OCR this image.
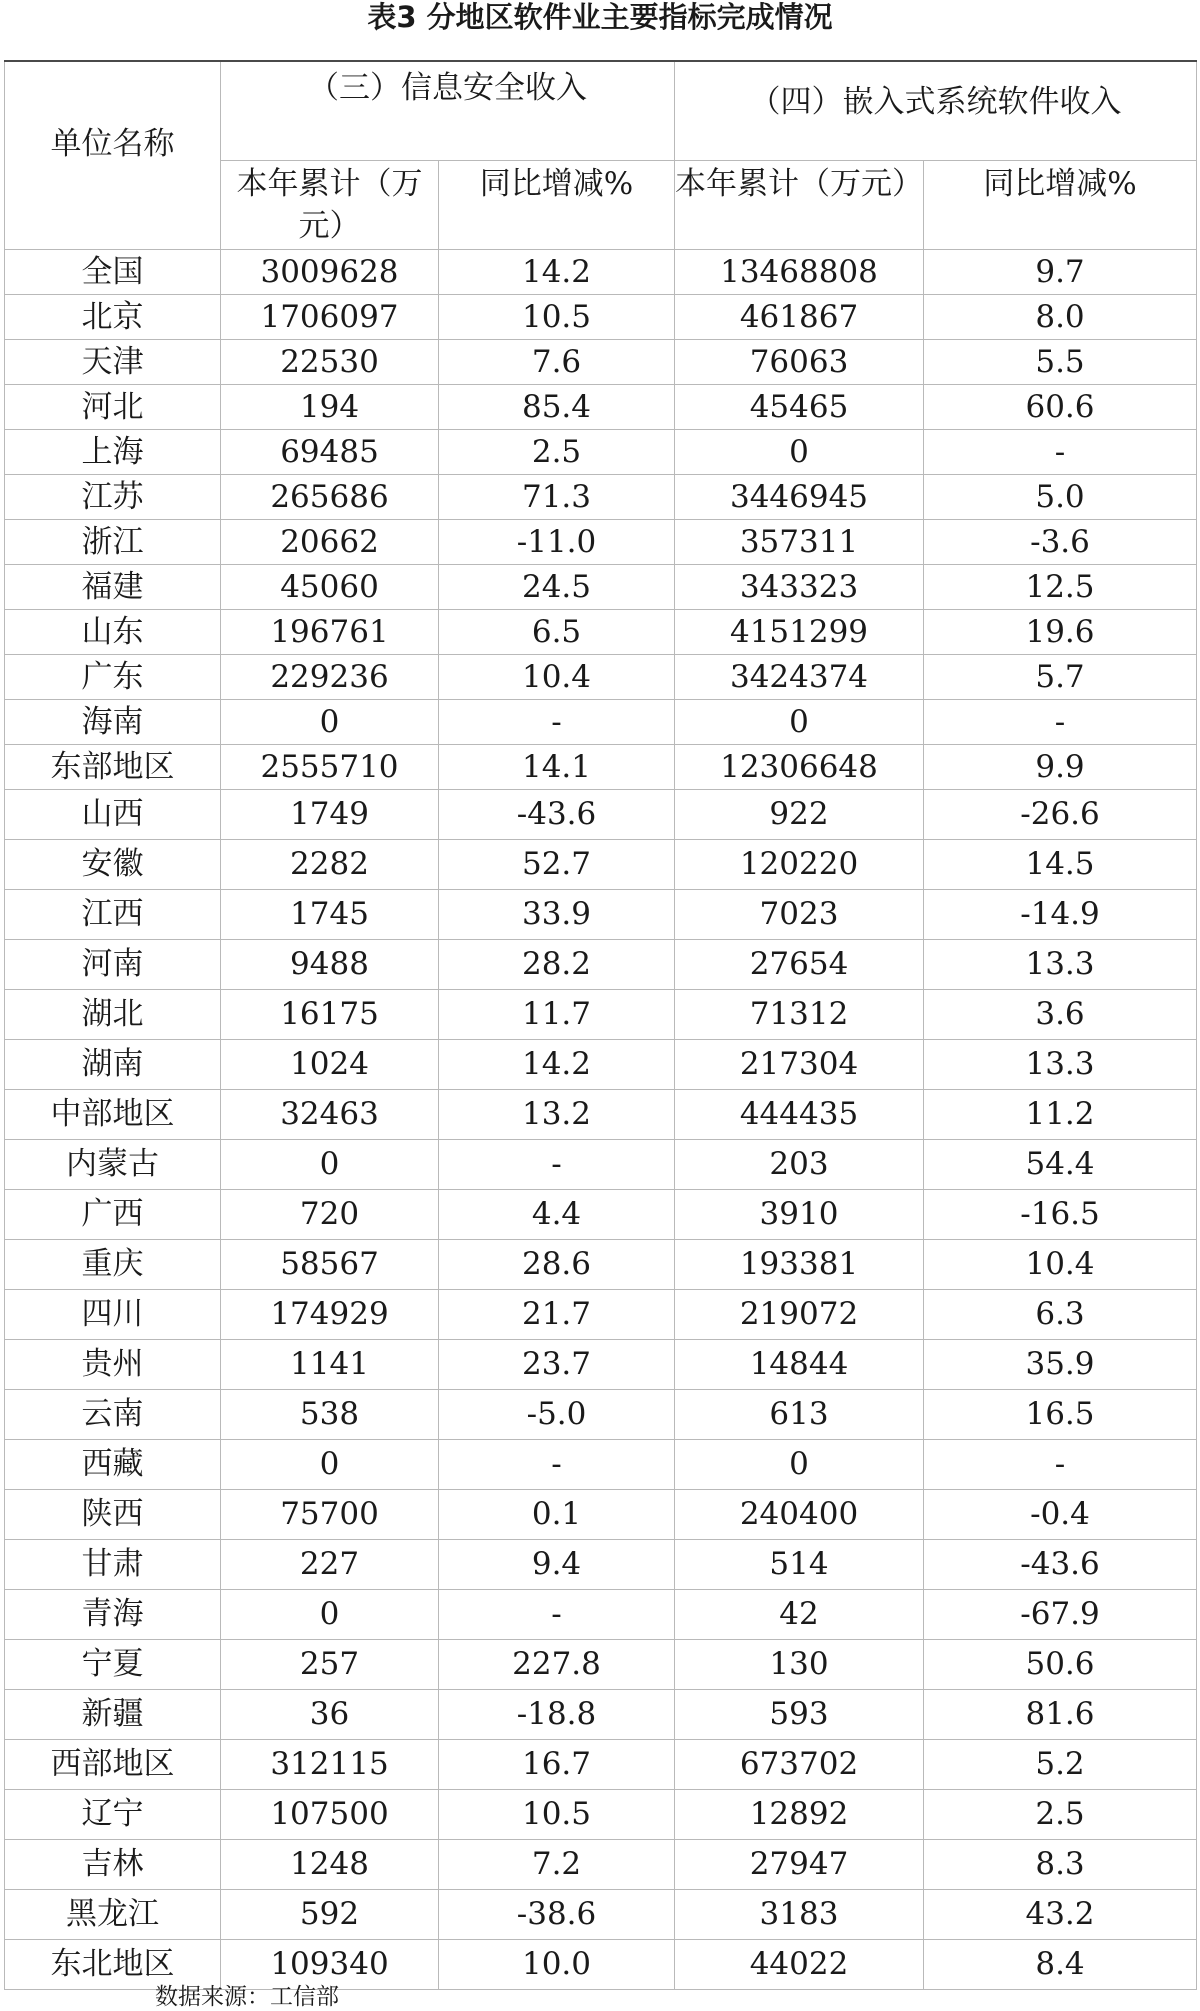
表3 分地区软件业主要指标完成情况
单位名称	（三）信息安全收入		（四）嵌入式系统软件收入	
	本年累计（万元）	同比增减%	本年累计（万元）	同比增减%
全国	3009628	14.2	13468808	9.7
北京	1706097	10.5	461867	8.0
天津	22530	7.6	76063	5.5
河北	194	85.4	45465	60.6
上海	69485	2.5	0	-
江苏	265686	71.3	3446945	5.0
浙江	20662	-11.0	357311	-3.6
福建	45060	24.5	343323	12.5
山东	196761	6.5	4151299	19.6
广东	229236	10.4	3424374	5.7
海南	0	-	0	-
东部地区	2555710	14.1	12306648	9.9
山西	1749	-43.6	922	-26.6
安徽	2282	52.7	120220	14.5
江西	1745	33.9	7023	-14.9
河南	9488	28.2	27654	13.3
湖北	16175	11.7	71312	3.6
湖南	1024	14.2	217304	13.3
中部地区	32463	13.2	444435	11.2
内蒙古	0	-	203	54.4
广西	720	4.4	3910	-16.5
重庆	58567	28.6	193381	10.4
四川	174929	21.7	219072	6.3
贵州	1141	23.7	14844	35.9
云南	538	-5.0	613	16.5
西藏	0	-	0	-
陕西	75700	0.1	240400	-0.4
甘肃	227	9.4	514	-43.6
青海	0	-	42	-67.9
宁夏	257	227.8	130	50.6
新疆	36	-18.8	593	81.6
西部地区	312115	16.7	673702	5.2
辽宁	107500	10.5	12892	2.5
吉林	1248	7.2	27947	8.3
黑龙江	592	-38.6	3183	43.2
东北地区	109340	10.0	44022	8.4
数据来源：工信部
